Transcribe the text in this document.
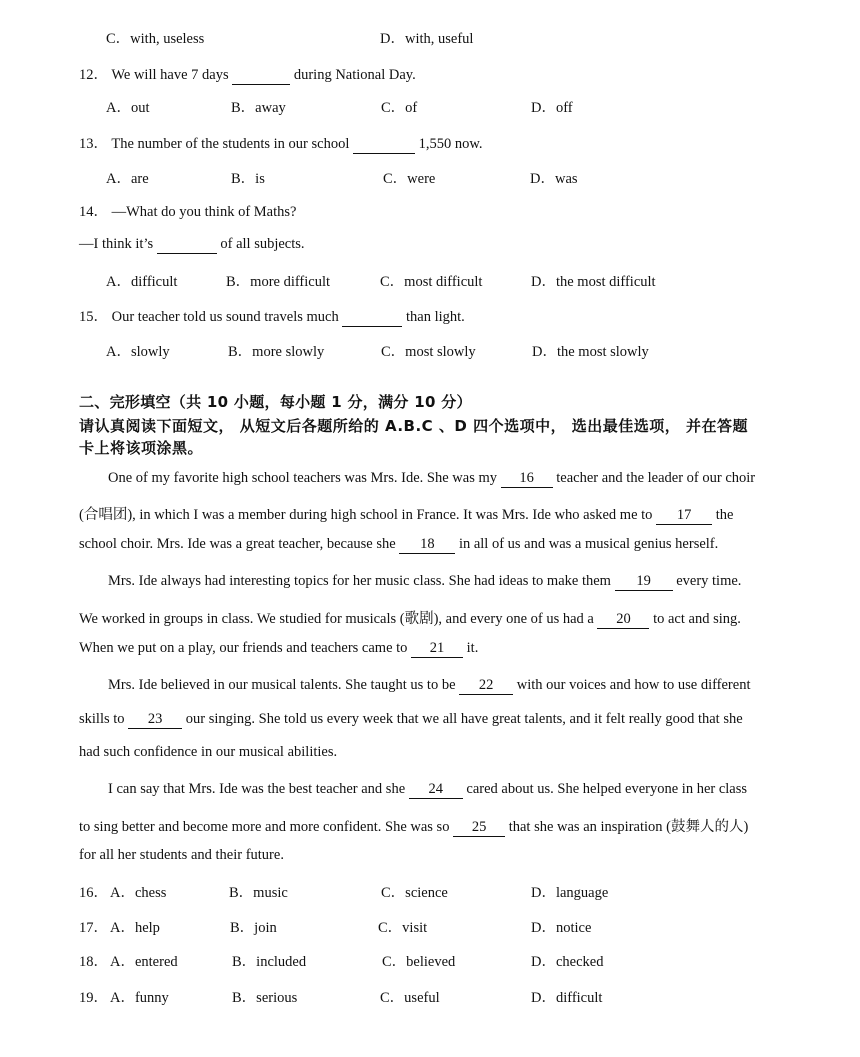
C．with, useless	D．with, useful
12． We will have 7 days	during National Day.
A．out	B．away	C．of	D．off
13． The number of the students in our school	1,550 now.
A．are	B．is	C．were	D．was
14． —What do you think of Maths?
—I think it’s	of all subjects.
A．difficult	B．more difficult	C．most difficult	D．the most difficult
15． Our teacher told us sound travels much	than light.
A．slowly	B．more slowly	C．most slowly	D．the most slowly
二、完形填空（共 10 小题，每小题 1 分，满分 10 分）
请认真阅读下面短文， 从短文后各题所给的 A.B.C 、D 四个选项中， 选出最佳选项， 并在答题
卡上将该项涂黑。
One of my favorite high school teachers was Mrs. Ide. She was my 16 teacher and the leader of our choir
(合唱团), in which I was a member during high school in France. It was Mrs. Ide who asked me to 17 the
school choir. Mrs. Ide was a great teacher, because she 18 in all of us and was a musical genius herself.
Mrs. Ide always had interesting topics for her music class. She had ideas to make them 19 every time.
We worked in groups in class. We studied for musicals (歌剧), and every one of us had a 20 to act and sing.
When we put on a play, our friends and teachers came to 21 it.
Mrs. Ide believed in our musical talents. She taught us to be 22 with our voices and how to use different
skills to 23 our singing. She told us every week that we all have great talents, and it felt really good that she
had such confidence in our musical abilities.
I can say that Mrs. Ide was the best teacher and she 24 cared about us. She helped everyone in her class
to sing better and become more and more confident. She was so 25 that she was an inspiration (鼓舞人的人)
for all her students and their future.
16． A．chess	B．music	C．science	D．language
17． A．help	B．join	C．visit	D．notice
18． A．entered	B．included	C．believed	D．checked
19． A．funny	B．serious	C．useful	D．difficult
